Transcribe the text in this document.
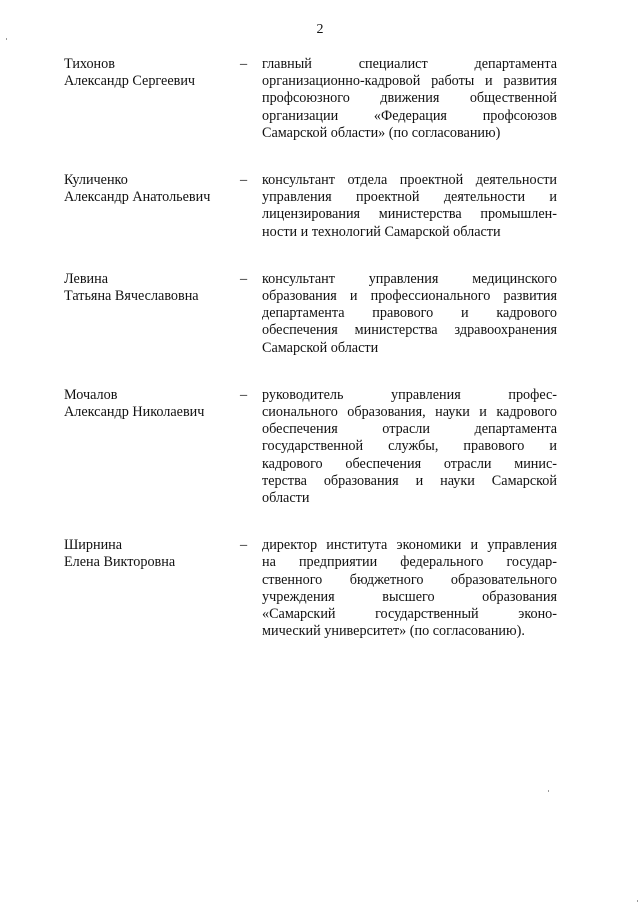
2
Тихонов
Александр Сергеевич
–	главный специалист департамента
организационно-кадровой работы и развития
профсоюзного движения общественной
организации «Федерация профсоюзов
Самарской области» (по согласованию)
Куличенко
Александр Анатольевич
–	консультант отдела проектной деятельности
управления проектной деятельности и
лицензирования министерства промышлен-
ности и технологий Самарской области
Левина
Татьяна Вячеславовна
–	консультант управления медицинского
образования и профессионального развития
департамента правового и кадрового
обеспечения министерства здравоохранения
Самарской области
Мочалов
Александр Николаевич
–	руководитель управления профес-
сионального образования, науки и кадрового
обеспечения отрасли департамента
государственной службы, правового и
кадрового обеспечения отрасли минис-
терства образования и науки Самарской
области
Ширнина
Елена Викторовна
–	директор института экономики и управления
на предприятии федерального государ-
ственного бюджетного образовательного
учреждения высшего образования
«Самарский государственный эконо-
мический университет» (по согласованию).
